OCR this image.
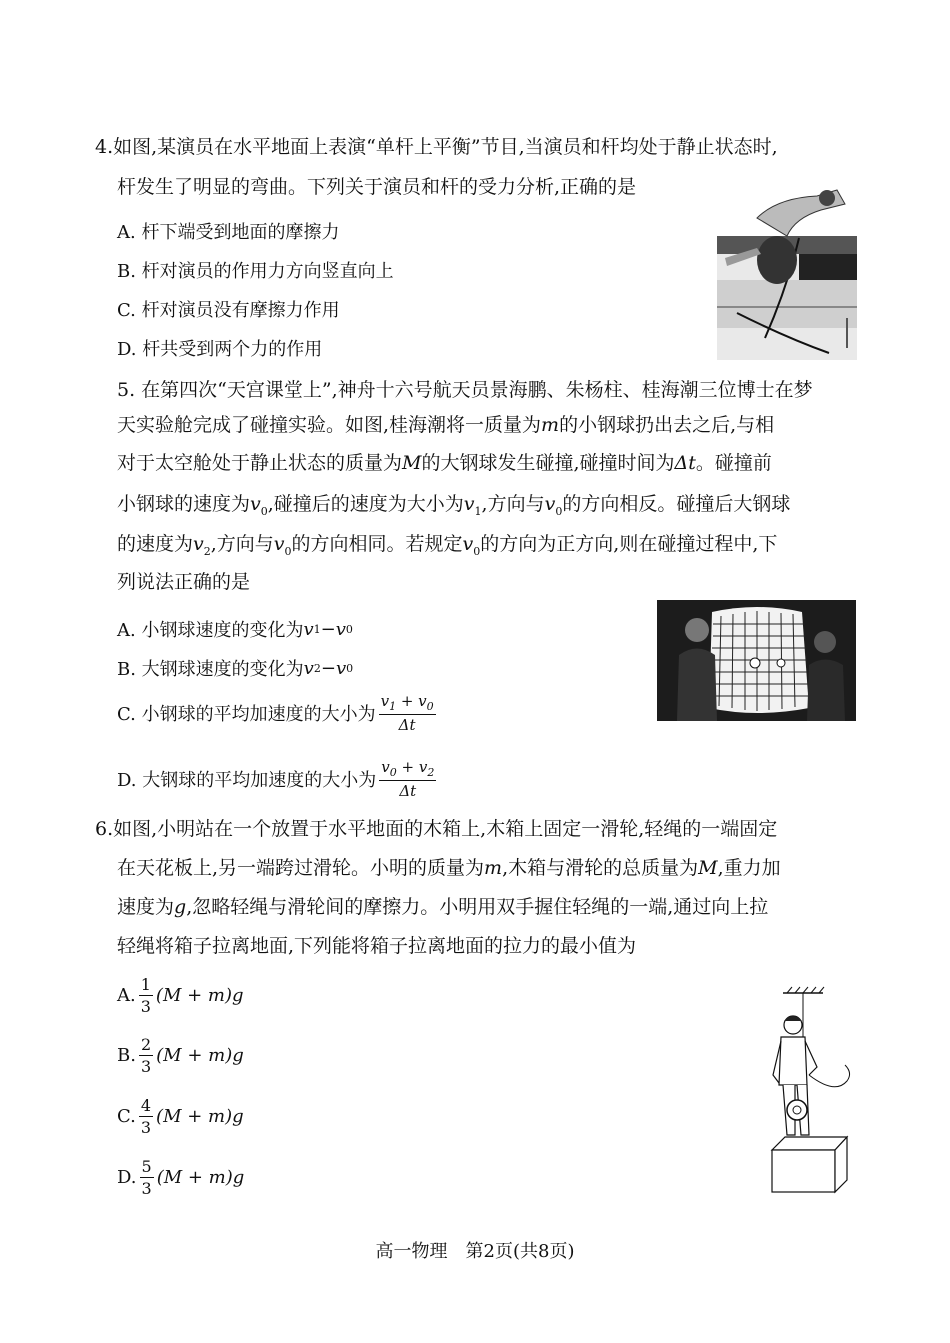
4.如图,某演员在水平地面上表演“单杆上平衡”节目,当演员和杆均处于静止状态时,
杆发生了明显的弯曲。下列关于演员和杆的受力分析,正确的是
A. 杆下端受到地面的摩擦力
B. 杆对演员的作用力方向竖直向上
C. 杆对演员没有摩擦力作用
D. 杆共受到两个力的作用
5. 在第四次“天宫课堂上”,神舟十六号航天员景海鹏、朱杨柱、桂海潮三位博士在梦
天实验舱完成了碰撞实验。如图,桂海潮将一质量为m的小钢球扔出去之后,与相
对于太空舱处于静止状态的质量为M的大钢球发生碰撞,碰撞时间为Δt。碰撞前
小钢球的速度为$v_0$,碰撞后的速度为大小为$v_1$,方向与$v_0$的方向相反。碰撞后大钢球
的速度为$v_2$,方向与$v_0$的方向相同。若规定$v_0$的方向为正方向,则在碰撞过程中,下
列说法正确的是
A. 小钢球速度的变化为 v 1 − v 0
B. 大钢球速度的变化为 v 2 − v 0
C. 小钢球的平均加速度的大小为 $\frac{v_1 + v_0}{\Delta t}$
D. 大钢球的平均加速度的大小为 $\frac{v_0 + v_2}{\Delta t}$
6.如图,小明站在一个放置于水平地面的木箱上,木箱上固定一滑轮,轻绳的一端固定
在天花板上,另一端跨过滑轮。小明的质量为m,木箱与滑轮的总质量为M,重力加
速度为g,忽略轻绳与滑轮间的摩擦力。小明用双手握住轻绳的一端,通过向上拉
轻绳将箱子拉离地面,下列能将箱子拉离地面的拉力的最小值为
A. $\frac{1}{3} (M + m)$ g
B. $\frac{2}{3} (M + m)$ g
C. $\frac{4}{3} (M + m)$ g
D. $\frac{5}{3} (M + m)$ g
高一物理　第2页(共8页)
